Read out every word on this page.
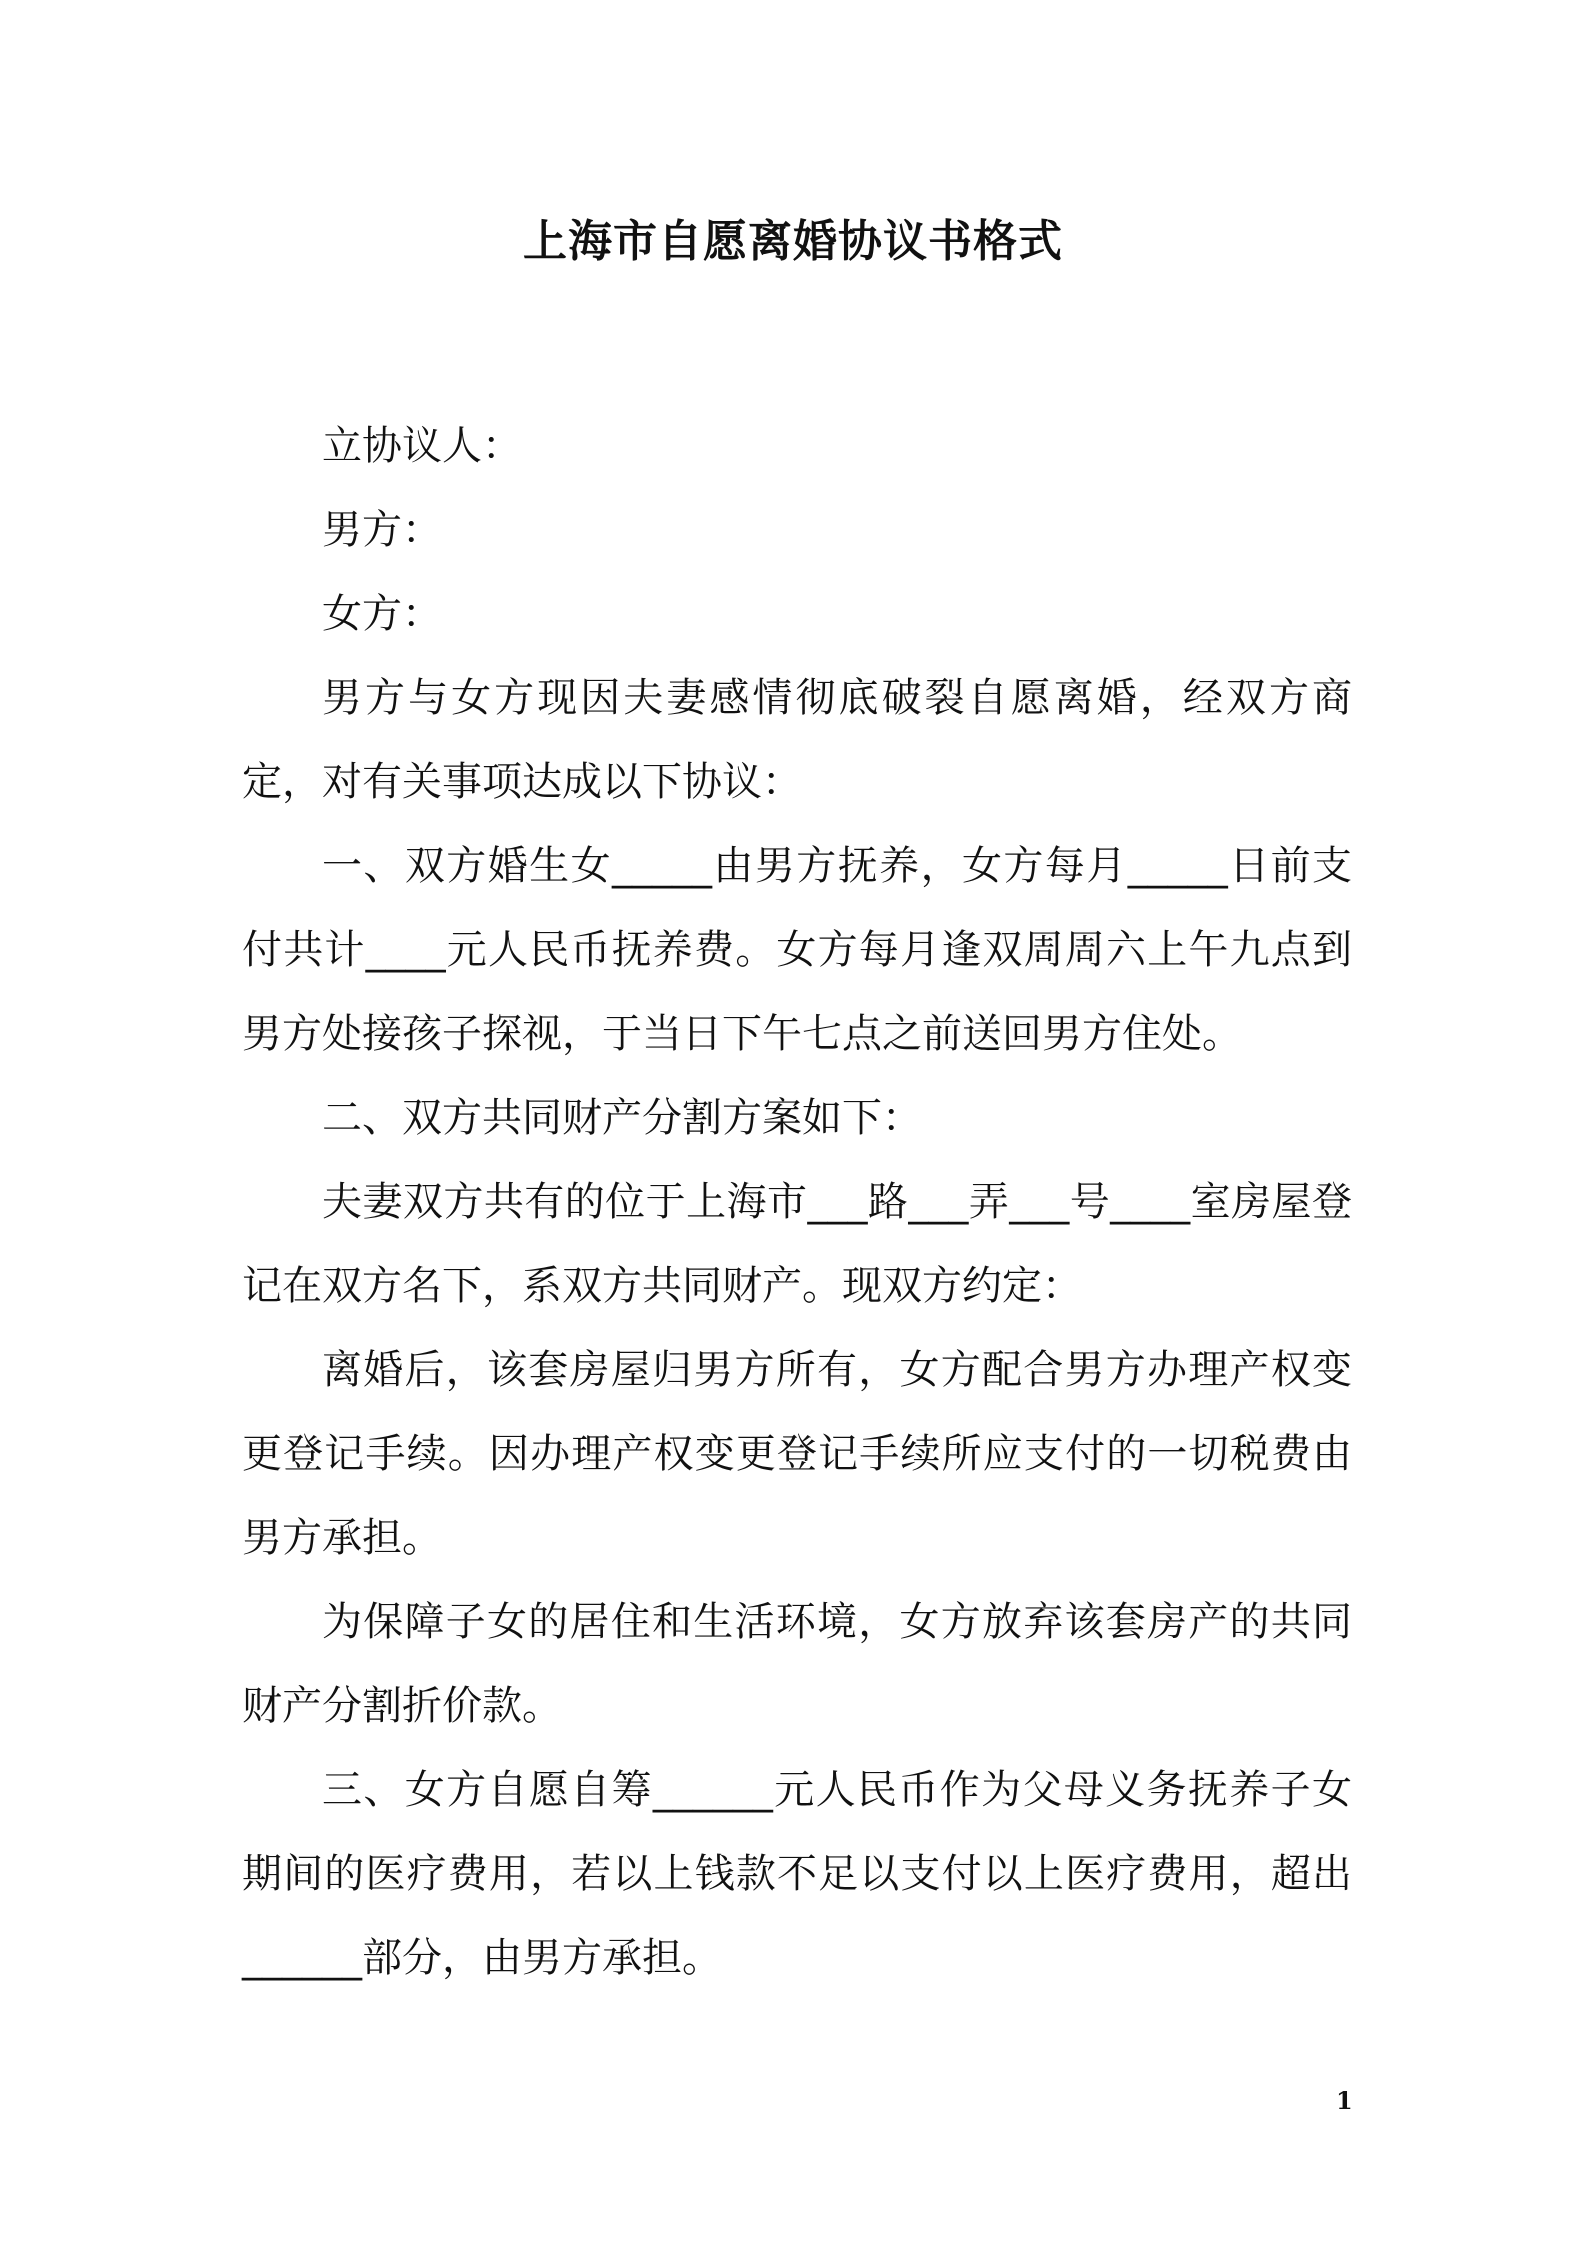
上海市自愿离婚协议书格式

立协议人：

男方：

女方：

男方与女方现因夫妻感情彻底破裂自愿离婚，经双方商定，对有关事项达成以下协议：

一、双方婚生女_____由男方抚养，女方每月_____日前支付共计____元人民币抚养费。女方每月逢双周周六上午九点到男方处接孩子探视，于当日下午七点之前送回男方住处。

二、双方共同财产分割方案如下：

夫妻双方共有的位于上海市___路___弄___号____室房屋登记在双方名下，系双方共同财产。现双方约定：

离婚后，该套房屋归男方所有，女方配合男方办理产权变更登记手续。因办理产权变更登记手续所应支付的一切税费由男方承担。

为保障子女的居住和生活环境，女方放弃该套房产的共同财产分割折价款。

三、女方自愿自筹______元人民币作为父母义务抚养子女期间的医疗费用，若以上钱款不足以支付以上医疗费用，超出______部分，由男方承担。

1
